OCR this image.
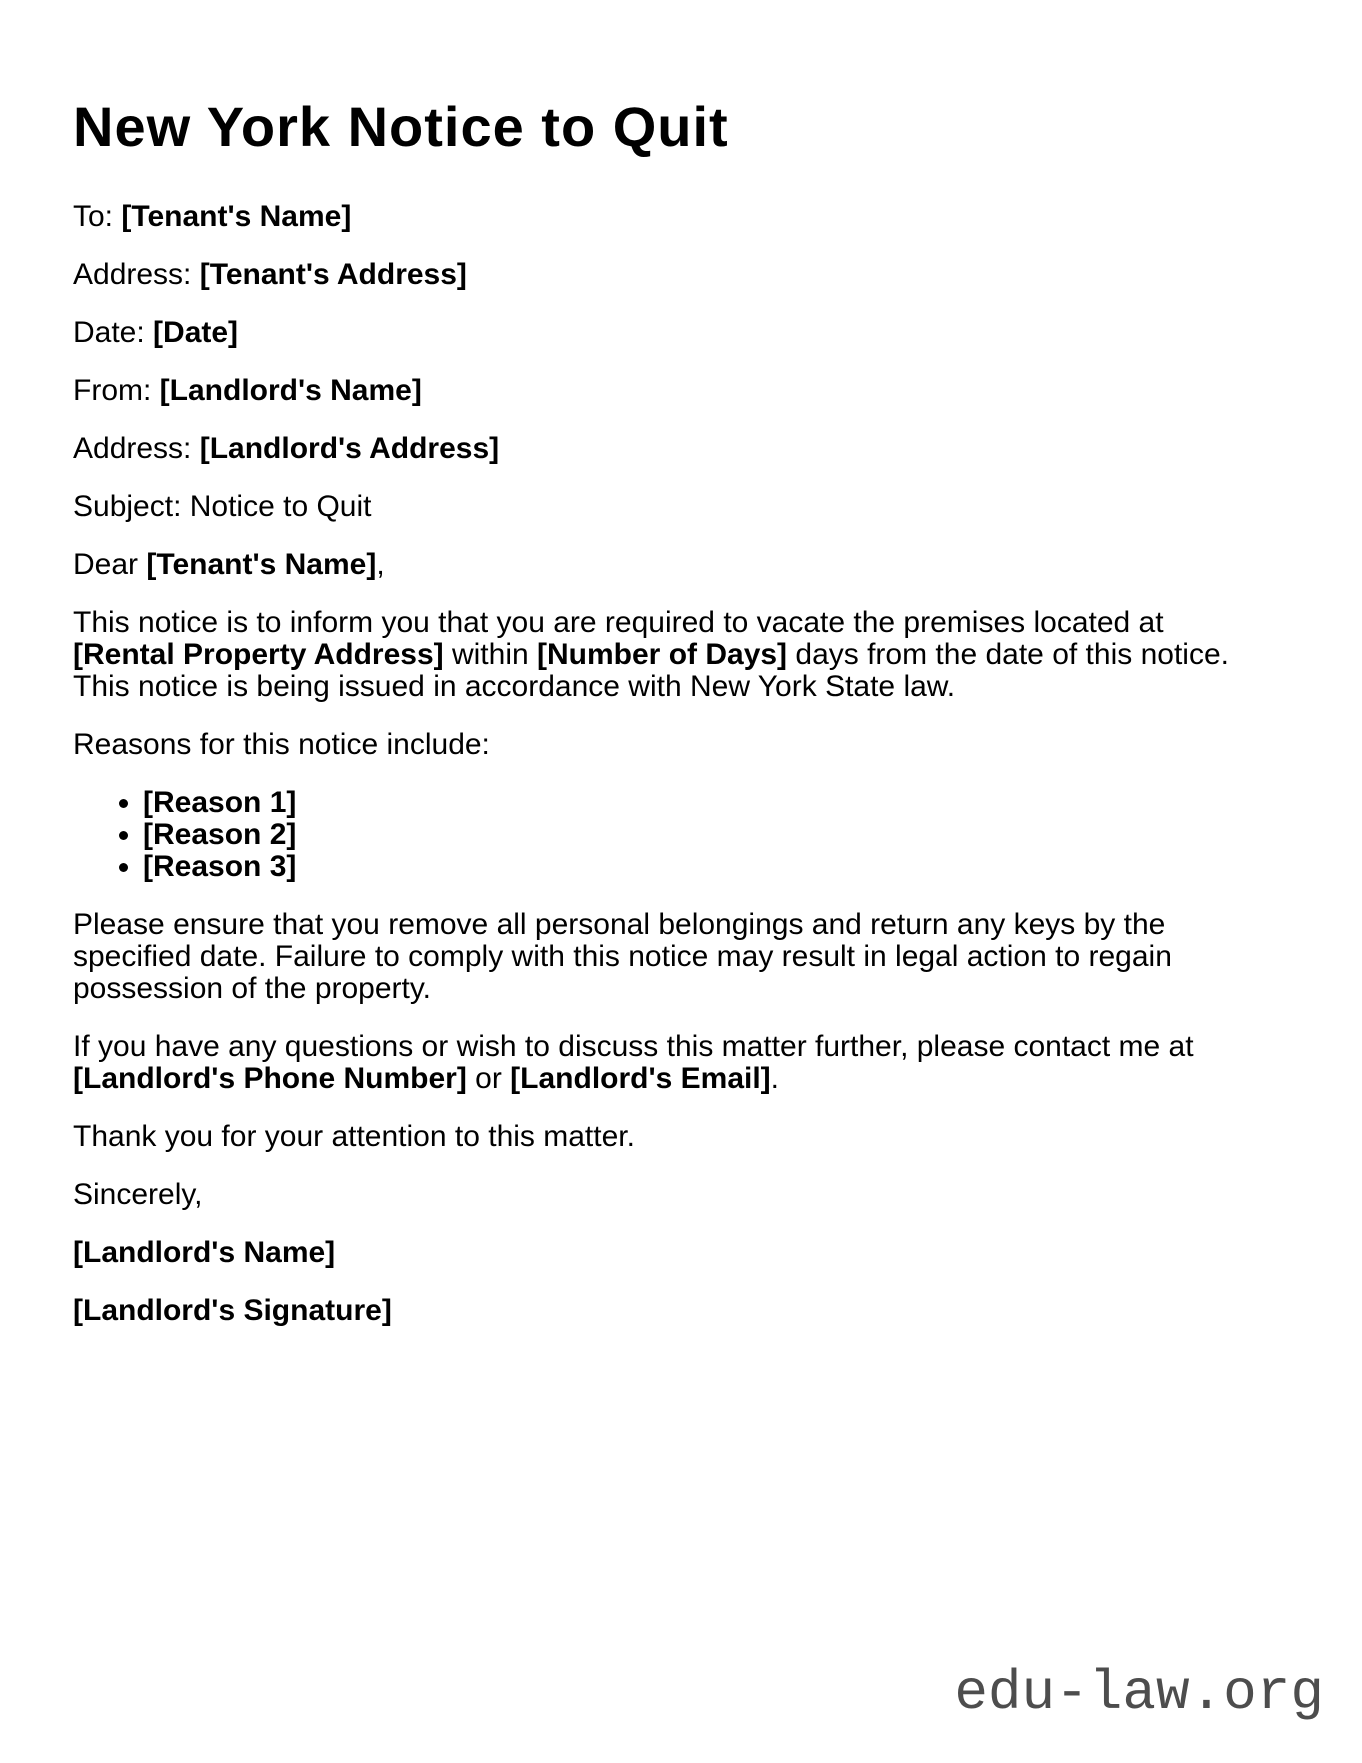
New York Notice to Quit

To: [Tenant's Name]

Address: [Tenant's Address]

Date: [Date]

From: [Landlord's Name]

Address: [Landlord's Address]

Subject: Notice to Quit

Dear [Tenant's Name],

This notice is to inform you that you are required to vacate the premises located at [Rental Property Address] within [Number of Days] days from the date of this notice.
This notice is being issued in accordance with New York State law.

Reasons for this notice include:

• [Reason 1]
• [Reason 2]
• [Reason 3]

Please ensure that you remove all personal belongings and return any keys by the specified date. Failure to comply with this notice may result in legal action to regain possession of the property.

If you have any questions or wish to discuss this matter further, please contact me at [Landlord's Phone Number] or [Landlord's Email].

Thank you for your attention to this matter.

Sincerely,

[Landlord's Name]

[Landlord's Signature]

edu-law.org
